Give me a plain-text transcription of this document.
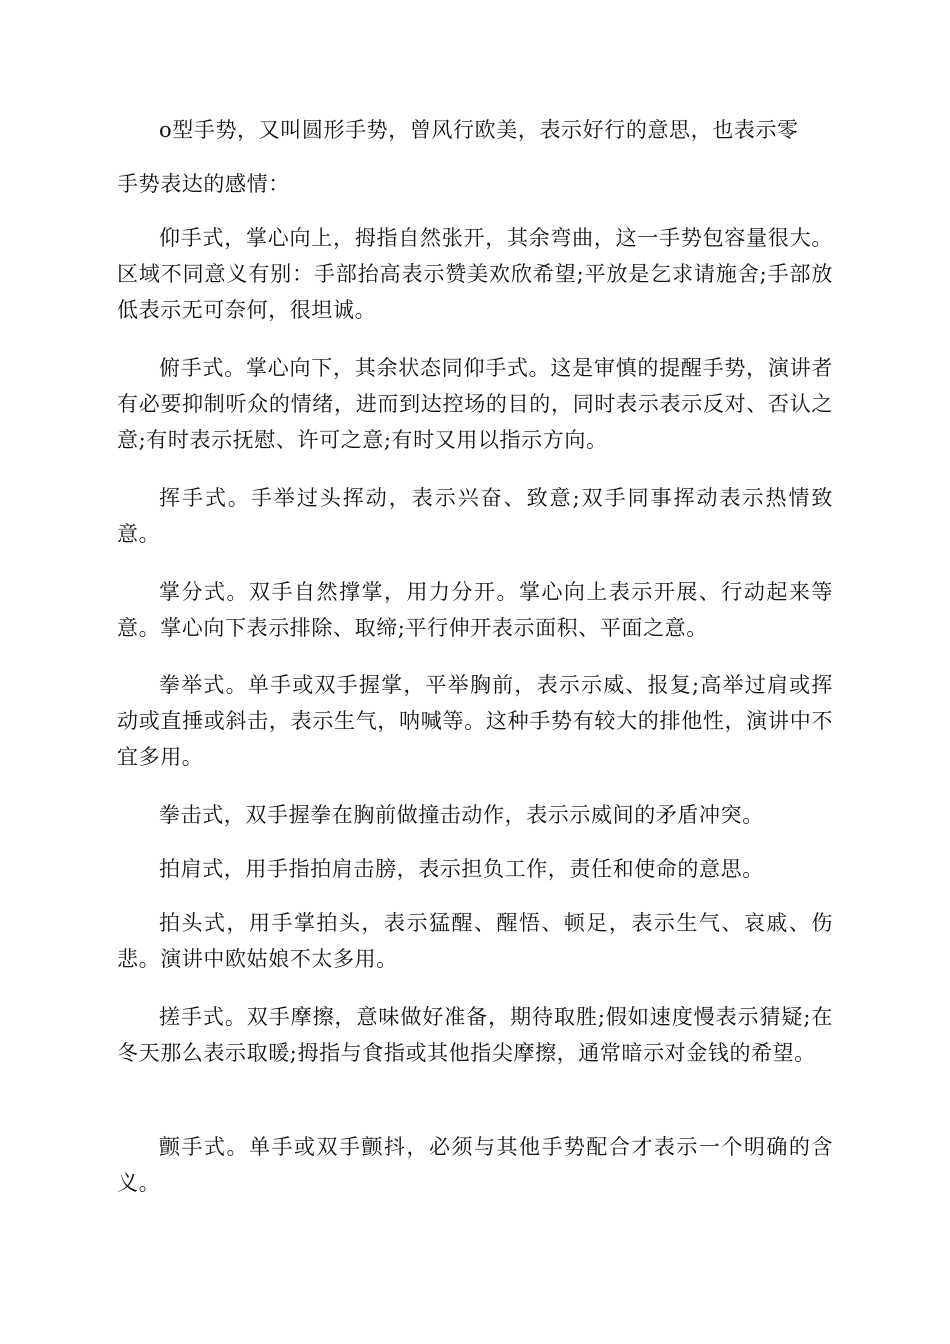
o型手势，又叫圆形手势，曾风行欧美，表示好行的意思，也表示零

手势表达的感情：

仰手式，掌心向上，拇指自然张开，其余弯曲，这一手势包容量很大。区域不同意义有别：手部抬高表示赞美欢欣希望;平放是乞求请施舍;手部放低表示无可奈何，很坦诚。

俯手式。掌心向下，其余状态同仰手式。这是审慎的提醒手势，演讲者有必要抑制听众的情绪，进而到达控场的目的，同时表示表示反对、否认之意;有时表示抚慰、许可之意;有时又用以指示方向。

挥手式。手举过头挥动，表示兴奋、致意;双手同事挥动表示热情致意。

掌分式。双手自然撑掌，用力分开。掌心向上表示开展、行动起来等意。掌心向下表示排除、取缔;平行伸开表示面积、平面之意。

拳举式。单手或双手握掌，平举胸前，表示示威、报复;高举过肩或挥动或直捶或斜击，表示生气，呐喊等。这种手势有较大的排他性，演讲中不宜多用。

拳击式，双手握拳在胸前做撞击动作，表示示威间的矛盾冲突。

拍肩式，用手指拍肩击膀，表示担负工作，责任和使命的意思。

拍头式，用手掌拍头，表示猛醒、醒悟、顿足，表示生气、哀戚、伤悲。演讲中欧姑娘不太多用。

搓手式。双手摩擦，意味做好准备，期待取胜;假如速度慢表示猜疑;在冬天那么表示取暖;拇指与食指或其他指尖摩擦，通常暗示对金钱的希望。

颤手式。单手或双手颤抖，必须与其他手势配合才表示一个明确的含义。
